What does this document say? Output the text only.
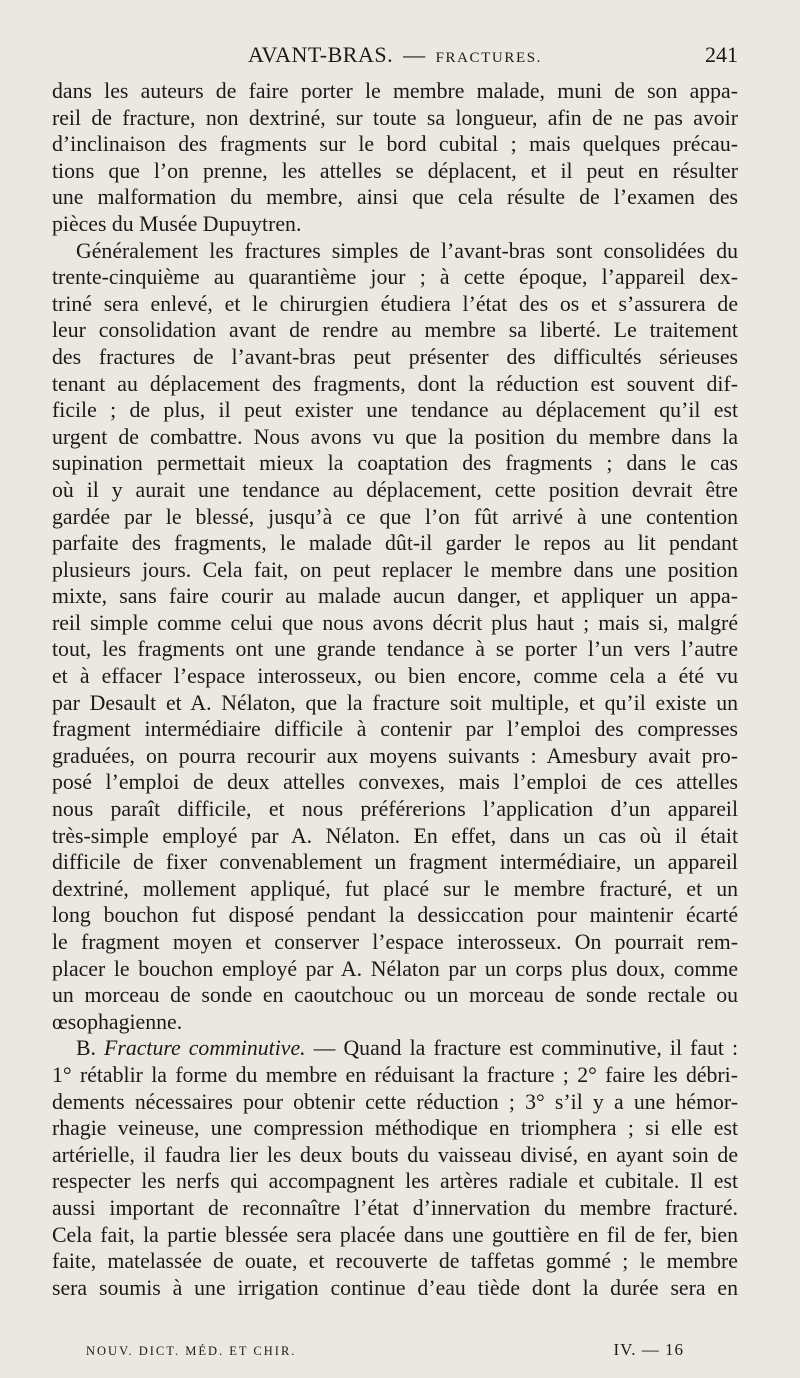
AVANT-BRAS. — FRACTURES.	241
dans les auteurs de faire porter le membre malade, muni de son appa-
reil de fracture, non dextriné, sur toute sa longueur, afin de ne pas avoir
d’inclinaison des fragments sur le bord cubital ; mais quelques précau-
tions que l’on prenne, les attelles se déplacent, et il peut en résulter
une malformation du membre, ainsi que cela résulte de l’examen des
pièces du Musée Dupuytren.
Généralement les fractures simples de l’avant-bras sont consolidées du
trente-cinquième au quarantième jour ; à cette époque, l’appareil dex-
triné sera enlevé, et le chirurgien étudiera l’état des os et s’assurera de
leur consolidation avant de rendre au membre sa liberté. Le traitement
des fractures de l’avant-bras peut présenter des difficultés sérieuses
tenant au déplacement des fragments, dont la réduction est souvent dif-
ficile ; de plus, il peut exister une tendance au déplacement qu’il est
urgent de combattre. Nous avons vu que la position du membre dans la
supination permettait mieux la coaptation des fragments ; dans le cas
où il y aurait une tendance au déplacement, cette position devrait être
gardée par le blessé, jusqu’à ce que l’on fût arrivé à une contention
parfaite des fragments, le malade dût-il garder le repos au lit pendant
plusieurs jours. Cela fait, on peut replacer le membre dans une position
mixte, sans faire courir au malade aucun danger, et appliquer un appa-
reil simple comme celui que nous avons décrit plus haut ; mais si, malgré
tout, les fragments ont une grande tendance à se porter l’un vers l’autre
et à effacer l’espace interosseux, ou bien encore, comme cela a été vu
par Desault et A. Nélaton, que la fracture soit multiple, et qu’il existe un
fragment intermédiaire difficile à contenir par l’emploi des compresses
graduées, on pourra recourir aux moyens suivants : Amesbury avait pro-
posé l’emploi de deux attelles convexes, mais l’emploi de ces attelles
nous paraît difficile, et nous préférerions l’application d’un appareil
très-simple employé par A. Nélaton. En effet, dans un cas où il était
difficile de fixer convenablement un fragment intermédiaire, un appareil
dextriné, mollement appliqué, fut placé sur le membre fracturé, et un
long bouchon fut disposé pendant la dessiccation pour maintenir écarté
le fragment moyen et conserver l’espace interosseux. On pourrait rem-
placer le bouchon employé par A. Nélaton par un corps plus doux, comme
un morceau de sonde en caoutchouc ou un morceau de sonde rectale ou
œsophagienne.
B. Fracture comminutive. — Quand la fracture est comminutive, il faut :
1° rétablir la forme du membre en réduisant la fracture ; 2° faire les débri-
dements nécessaires pour obtenir cette réduction ; 3° s’il y a une hémor-
rhagie veineuse, une compression méthodique en triomphera ; si elle est
artérielle, il faudra lier les deux bouts du vaisseau divisé, en ayant soin de
respecter les nerfs qui accompagnent les artères radiale et cubitale. Il est
aussi important de reconnaître l’état d’innervation du membre fracturé.
Cela fait, la partie blessée sera placée dans une gouttière en fil de fer, bien
faite, matelassée de ouate, et recouverte de taffetas gommé ; le membre
sera soumis à une irrigation continue d’eau tiède dont la durée sera en
NOUV. DICT. MÉD. ET CHIR.	IV. — 16
